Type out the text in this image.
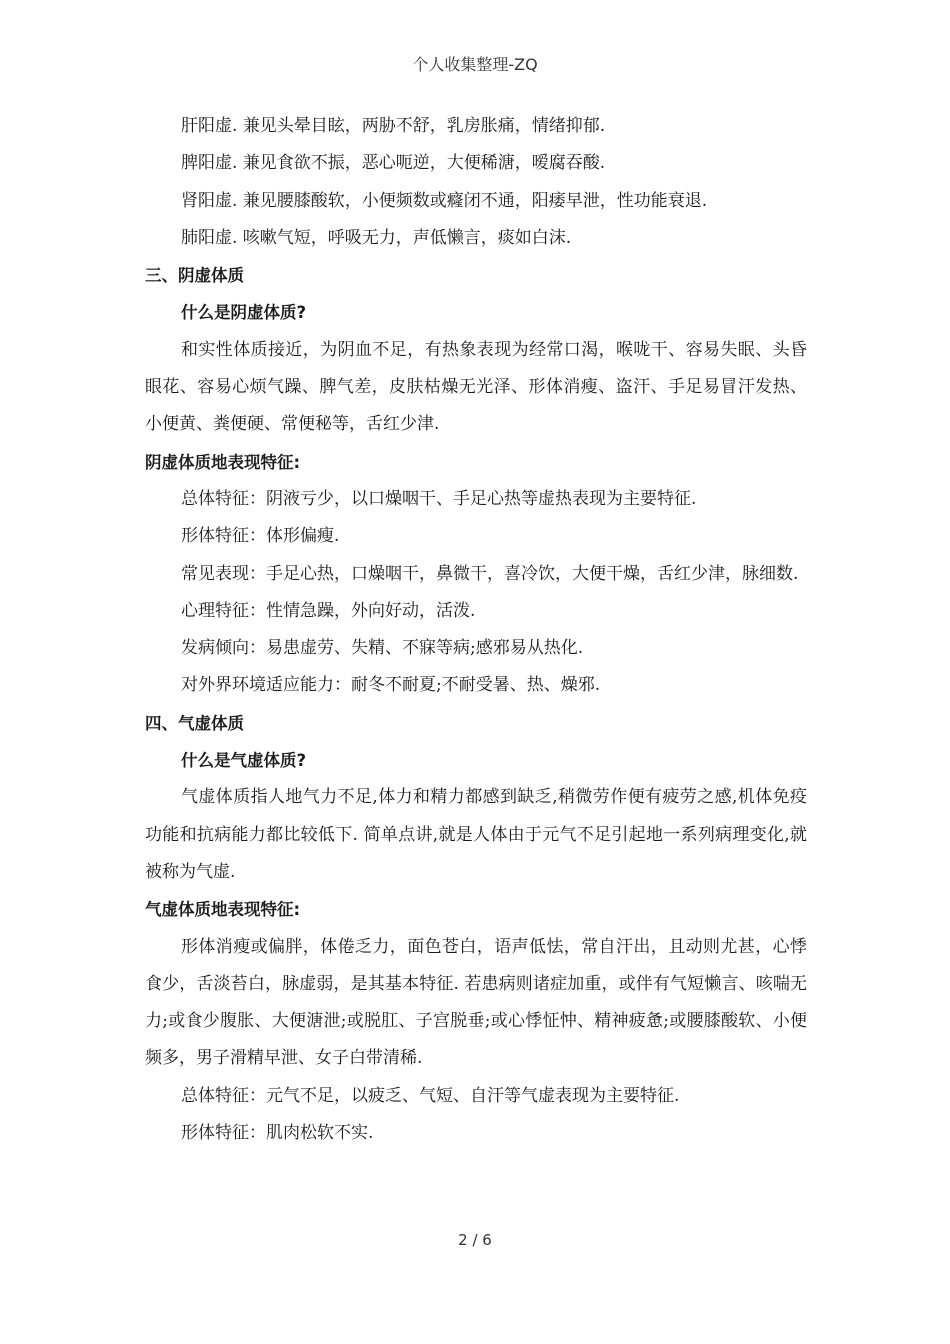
个人收集整理-ZQ

肝阳虚. 兼见头晕目眩，两胁不舒，乳房胀痛，情绪抑郁.

脾阳虚. 兼见食欲不振，恶心呃逆，大便稀溏，嗳腐吞酸.

肾阳虚. 兼见腰膝酸软，小便频数或癃闭不通，阳痿早泄，性功能衰退.

肺阳虚. 咳嗽气短，呼吸无力，声低懒言，痰如白沫.

三、阴虚体质

什么是阴虚体质?

和实性体质接近，为阴血不足，有热象表现为经常口渴，喉咙干、容易失眠、头昏眼花、容易心烦气躁、脾气差，皮肤枯燥无光泽、形体消瘦、盗汗、手足易冒汗发热、小便黄、粪便硬、常便秘等，舌红少津.

阴虚体质地表现特征:

总体特征：阴液亏少，以口燥咽干、手足心热等虚热表现为主要特征.

形体特征：体形偏瘦.

常见表现：手足心热，口燥咽干，鼻微干，喜冷饮，大便干燥，舌红少津，脉细数.

心理特征：性情急躁，外向好动，活泼.

发病倾向：易患虚劳、失精、不寐等病;感邪易从热化.

对外界环境适应能力：耐冬不耐夏;不耐受暑、热、燥邪.

四、气虚体质

什么是气虚体质?

气虚体质指人地气力不足,体力和精力都感到缺乏,稍微劳作便有疲劳之感,机体免疫功能和抗病能力都比较低下. 简单点讲,就是人体由于元气不足引起地一系列病理变化,就被称为气虚.

气虚体质地表现特征:

形体消瘦或偏胖，体倦乏力，面色苍白，语声低怯，常自汗出，且动则尤甚，心悸食少，舌淡苔白，脉虚弱，是其基本特征. 若患病则诸症加重，或伴有气短懒言、咳喘无力;或食少腹胀、大便溏泄;或脱肛、子宫脱垂;或心悸怔忡、精神疲惫;或腰膝酸软、小便频多，男子滑精早泄、女子白带清稀.

总体特征：元气不足，以疲乏、气短、自汗等气虚表现为主要特征.

形体特征：肌肉松软不实.

2 / 6
